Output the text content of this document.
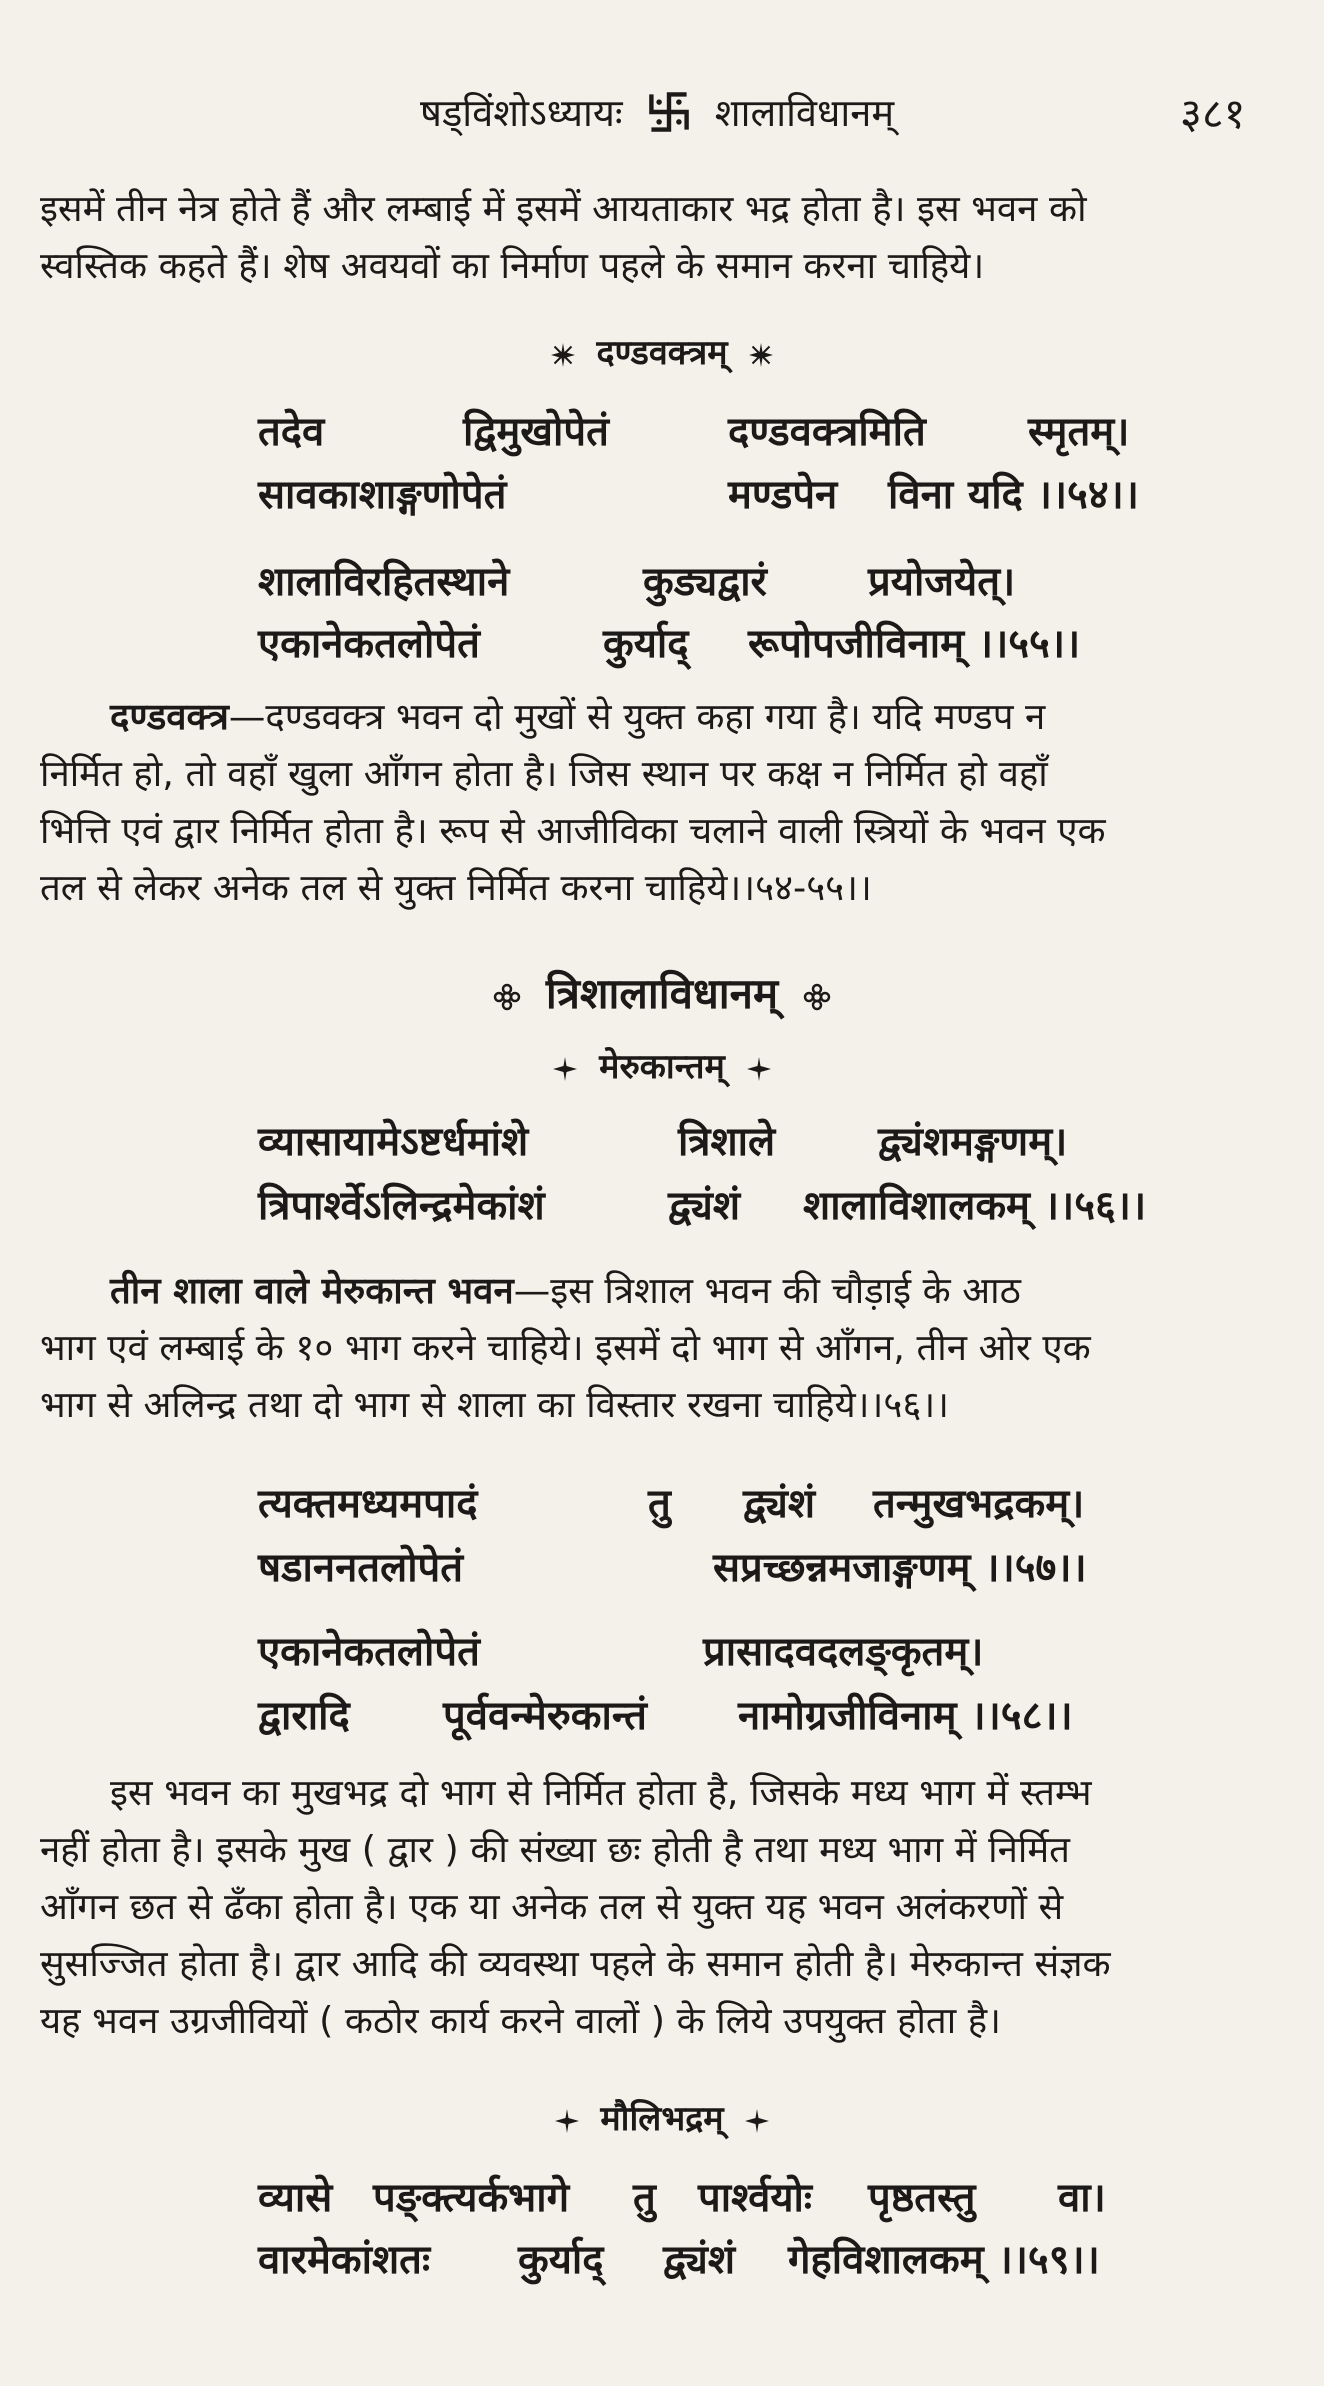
षड्विंशोऽध्यायः शालाविधानम्	३८१

इसमें तीन नेत्र होते हैं और लम्बाई में इसमें आयताकार भद्र होता है। इस भवन को

स्वस्तिक कहते हैं। शेष अवयवों का निर्माण पहले के समान करना चाहिये।

दण्डवक्त्रम्
तदेव	द्विमुखोपेतं	दण्डवक्त्रमिति	स्मृतम्।
सावकाशाङ्गणोपेतं	मण्डपेन विना यदि ।।५४।।
शालाविरहितस्थाने	कुड्यद्वारं	प्रयोजयेत्।
एकानेकतलोपेतं	कुर्याद् रूपोपजीविनाम् ।।५५।।

दण्डवक्त्र—दण्डवक्त्र भवन दो मुखों से युक्त कहा गया है। यदि मण्डप न

निर्मित हो, तो वहाँ खुला आँगन होता है। जिस स्थान पर कक्ष न निर्मित हो वहाँ

भित्ति एवं द्वार निर्मित होता है। रूप से आजीविका चलाने वाली स्त्रियों के भवन एक

तल से लेकर अनेक तल से युक्त निर्मित करना चाहिये।।५४-५५।।

त्रिशालाविधानम्
मेरुकान्तम्
व्यासायामेऽष्टर्धमांशे	त्रिशाले	द्व्यंशमङ्गणम्।
त्रिपार्श्वेऽलिन्द्रमेकांशं	द्व्यंशं शालाविशालकम् ।।५६।।

तीन शाला वाले मेरुकान्त भवन—इस त्रिशाल भवन की चौड़ाई के आठ

भाग एवं लम्बाई के १० भाग करने चाहिये। इसमें दो भाग से आँगन, तीन ओर एक

भाग से अलिन्द्र तथा दो भाग से शाला का विस्तार रखना चाहिये।।५६।।

त्यक्तमध्यमपादं	तु द्व्यंशं तन्मुखभद्रकम्।
षडाननतलोपेतं	सप्रच्छन्नमजाङ्गणम् ।।५७।।
एकानेकतलोपेतं	प्रासादवदलङ्कृतम्।
द्वारादि पूर्ववन्मेरुकान्तं नामोग्रजीविनाम् ।।५८।।

इस भवन का मुखभद्र दो भाग से निर्मित होता है, जिसके मध्य भाग में स्तम्भ

नहीं होता है। इसके मुख ( द्वार ) की संख्या छः होती है तथा मध्य भाग में निर्मित

आँगन छत से ढँका होता है। एक या अनेक तल से युक्त यह भवन अलंकरणों से

सुसज्जित होता है। द्वार आदि की व्यवस्था पहले के समान होती है। मेरुकान्त संज्ञक

यह भवन उग्रजीवियों ( कठोर कार्य करने वालों ) के लिये उपयुक्त होता है।

मौलिभद्रम्
व्यासे पङ्क्त्यर्कभागे तु पार्श्वयोः पृष्ठतस्तु वा।
वारमेकांशतः कुर्याद् द्व्यंशं गेहविशालकम् ।।५९।।
